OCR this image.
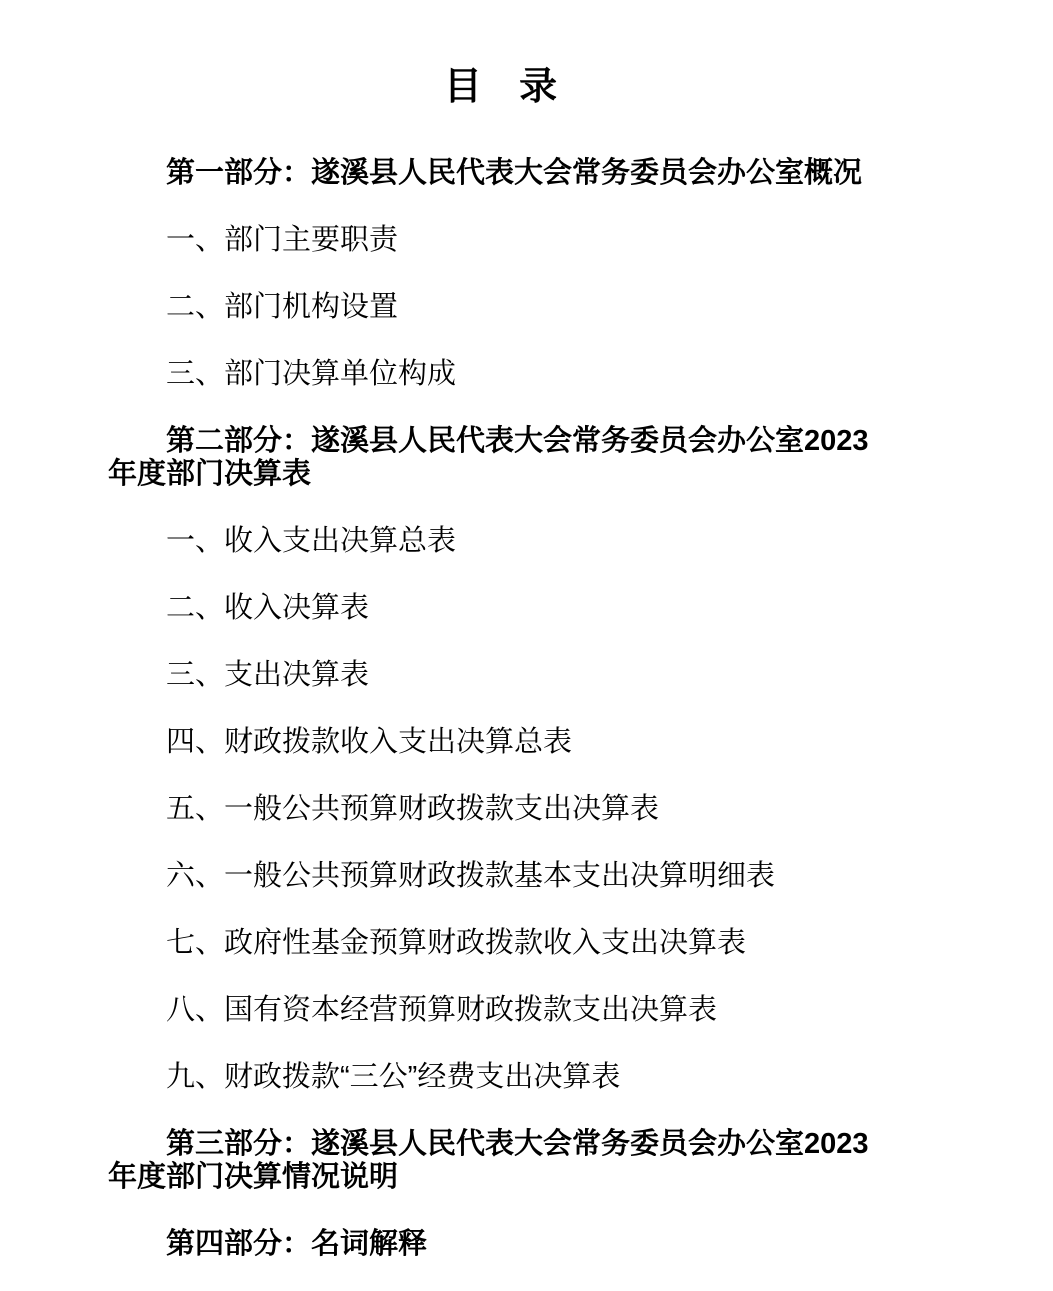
目 录

第一部分：遂溪县人民代表大会常务委员会办公室概况

一、部门主要职责

二、部门机构设置

三、部门决算单位构成

第二部分：遂溪县人民代表大会常务委员会办公室2023
年度部门决算表

一、收入支出决算总表

二、收入决算表

三、支出决算表

四、财政拨款收入支出决算总表

五、一般公共预算财政拨款支出决算表

六、一般公共预算财政拨款基本支出决算明细表

七、政府性基金预算财政拨款收入支出决算表

八、国有资本经营预算财政拨款支出决算表

九、财政拨款“三公”经费支出决算表

第三部分：遂溪县人民代表大会常务委员会办公室2023
年度部门决算情况说明

第四部分：名词解释
